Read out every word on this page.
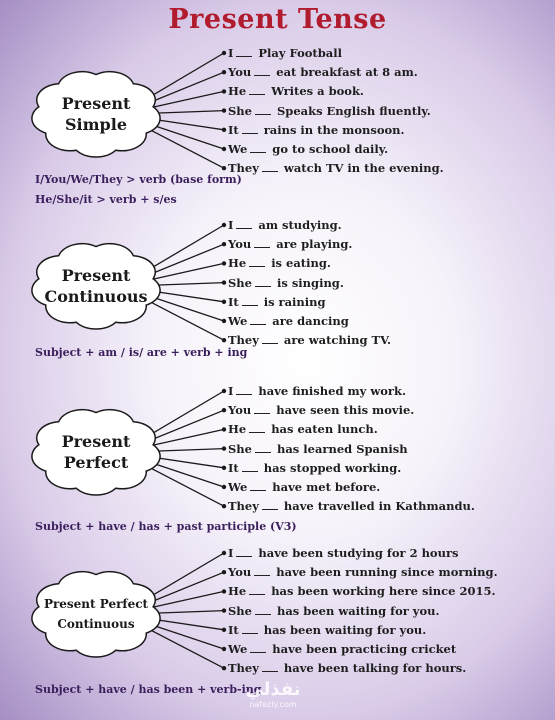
Present Tense
I Play Football
You eat breakfast at 8 am.
He Writes a book.
She Speaks English fluently.
It rains in the monsoon.
We go to school daily.
They watch TV in the evening.
Present
Simple
I/You/We/They > verb (base form)
He/She/it > verb + s/es
I am studying.
You are playing.
He is eating.
She is singing.
It is raining
We are dancing
They are watching TV.
Present
Continuous
Subject + am / is/ are + verb + ing
I have finished my work.
You have seen this movie.
He has eaten lunch.
She has learned Spanish
It has stopped working.
We have met before.
They have travelled in Kathmandu.
Present
Perfect
Subject + have / has + past participle (V3)
I have been studying for 2 hours
You have been running since morning.
He has been working here since 2015.
She has been waiting for you.
It has been waiting for you.
We have been practicing cricket
They have been talking for hours.
Present Perfect
Continuous
Subject + have / has been + verb-ing
نفذلي
nafezly.com
